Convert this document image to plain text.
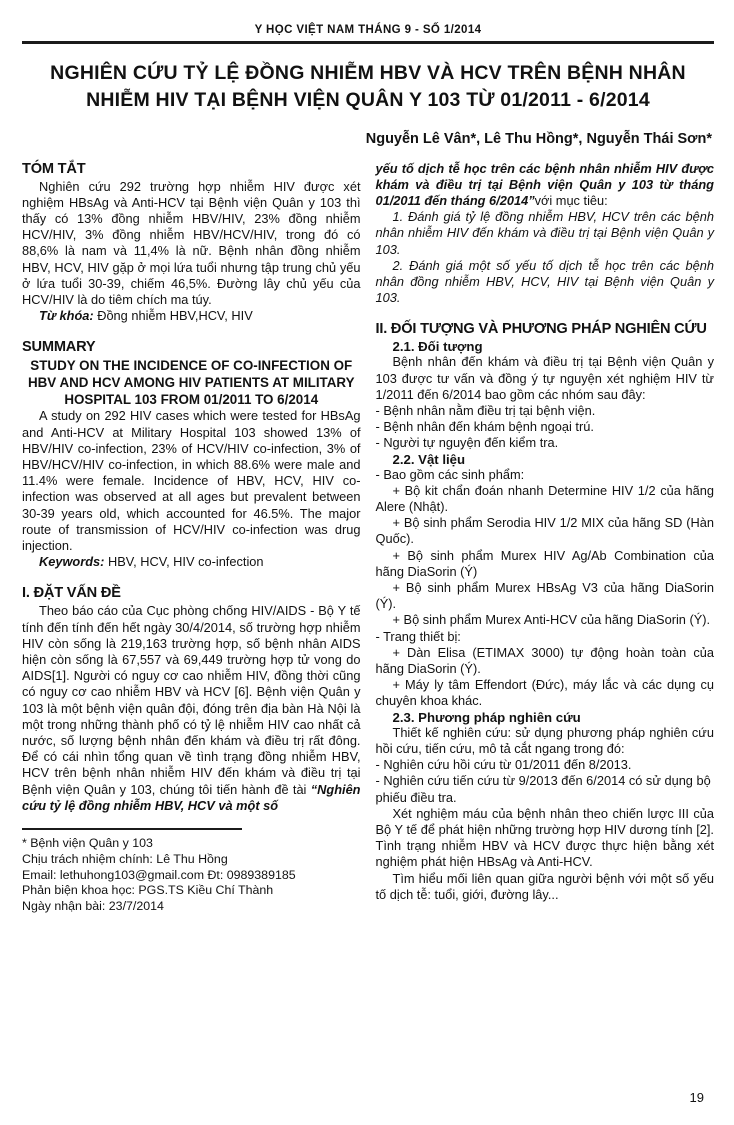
Y HỌC VIỆT NAM THÁNG 9 - SỐ 1/2014
NGHIÊN CỨU TỶ LỆ ĐỒNG NHIỄM HBV VÀ HCV TRÊN BỆNH NHÂN NHIỄM HIV TẠI BỆNH VIỆN QUÂN Y 103 TỪ 01/2011 - 6/2014
Nguyễn Lê Vân*, Lê Thu Hồng*, Nguyễn Thái Sơn*
TÓM TẮT

Nghiên cứu 292 trường hợp nhiễm HIV được xét nghiệm HBsAg và Anti-HCV tại Bệnh viện Quân y 103 thì thấy có 13% đồng nhiễm HBV/HIV, 23% đồng nhiễm HCV/HIV, 3% đồng nhiễm HBV/HCV/HIV, trong đó có 88,6% là nam và 11,4% là nữ. Bệnh nhân đồng nhiễm HBV, HCV, HIV gặp ở mọi lứa tuổi nhưng tập trung chủ yếu ở lứa tuổi 30-39, chiếm 46,5%. Đường lây chủ yếu của HCV/HIV là do tiêm chích ma túy.

Từ khóa: Đồng nhiễm HBV,HCV, HIV

SUMMARY

STUDY ON THE INCIDENCE OF CO-INFECTION OF HBV AND HCV AMONG HIV PATIENTS AT MILITARY HOSPITAL 103 FROM 01/2011 TO 6/2014

A study on 292 HIV cases which were tested for HBsAg and Anti-HCV at Military Hospital 103 showed 13% of HBV/HIV co-infection, 23% of HCV/HIV co-infection, 3% of HBV/HCV/HIV co-infection, in which 88.6% were male and 11.4% were female. Incidence of HBV, HCV, HIV co-infection was observed at all ages but prevalent between 30-39 years old, which accounted for 46.5%. The major route of transmission of HCV/HIV co-infection was drug injection.

Keywords: HBV, HCV, HIV co-infection

I. ĐẶT VẤN ĐỀ

Theo báo cáo của Cục phòng chống HIV/AIDS - Bộ Y tế tính đến tính đến hết ngày 30/4/2014, số trường hợp nhiễm HIV còn sống là 219,163 trường hợp, số bệnh nhân AIDS hiện còn sống là 67,557 và 69,449 trường hợp tử vong do AIDS[1]. Người có nguy cơ cao nhiễm HIV, đồng thời cũng có nguy cơ cao nhiễm HBV và HCV [6]. Bệnh viện Quân y 103 là một bệnh viện quân đội, đóng trên địa bàn Hà Nội là một trong những thành phố có tỷ lệ nhiễm HIV cao nhất cả nước, số lượng bệnh nhân đến khám và điều trị rất đông. Để có cái nhìn tổng quan về tình trạng đồng nhiễm HBV, HCV trên bệnh nhân nhiễm HIV đến khám và điều trị tại Bệnh viện Quân y 103, chúng tôi tiến hành đề tài “Nghiên cứu tỷ lệ đồng nhiễm HBV, HCV và một số

* Bệnh viện Quân y 103

Chịu trách nhiệm chính: Lê Thu Hồng

Email: lethuhong103@gmail.com Đt: 0989389185

Phản biện khoa học: PGS.TS Kiều Chí Thành

Ngày nhận bài: 23/7/2014

yếu tố dịch tễ học trên các bệnh nhân nhiễm HIV được khám và điều trị tại Bệnh viện Quân y 103 từ tháng 01/2011 đến tháng 6/2014”với mục tiêu:

1. Đánh giá tỷ lệ đồng nhiễm HBV, HCV trên các bệnh nhân nhiễm HIV đến khám và điều trị tại Bệnh viện Quân y 103.

2. Đánh giá một số yếu tố dịch tễ học trên các bệnh nhân đồng nhiễm HBV, HCV, HIV tại Bệnh viện Quân y 103.

II. ĐỐI TƯỢNG VÀ PHƯƠNG PHÁP NGHIÊN CỨU
2.1. Đối tượng

Bệnh nhân đến khám và điều trị tại Bệnh viện Quân y 103 được tư vấn và đồng ý tự nguyện xét nghiệm HIV từ 1/2011 đến 6/2014 bao gồm các nhóm sau đây:

- Bệnh nhân nằm điều trị tại bệnh viện.

- Bệnh nhân đến khám bệnh ngoại trú.

- Người tự nguyện đến kiểm tra.

2.2. Vật liệu

- Bao gồm các sinh phẩm:

+ Bộ kit chẩn đoán nhanh Determine HIV 1/2 của hãng Alere (Nhật).

+ Bộ sinh phẩm Serodia HIV 1/2 MIX của hãng SD (Hàn Quốc).

+ Bộ sinh phẩm Murex HIV Ag/Ab Combination của hãng DiaSorin (Ý)

+ Bộ sinh phẩm Murex HBsAg V3 của hãng DiaSorin (Ý).

+ Bộ sinh phẩm Murex Anti-HCV của hãng DiaSorin (Ý).

- Trang thiết bị:

+ Dàn Elisa (ETIMAX 3000) tự động hoàn toàn của hãng DiaSorin (Ý).

+ Máy ly tâm Effendort (Đức), máy lắc và các dụng cụ chuyên khoa khác.

2.3. Phương pháp nghiên cứu

Thiết kế nghiên cứu: sử dụng phương pháp nghiên cứu hồi cứu, tiến cứu, mô tả cắt ngang trong đó:

- Nghiên cứu hồi cứu từ 01/2011 đến 8/2013.

- Nghiên cứu tiến cứu từ 9/2013 đến 6/2014 có sử dụng bộ phiếu điều tra.

Xét nghiệm máu của bệnh nhân theo chiến lược III của Bộ Y tế để phát hiện những trường hợp HIV dương tính [2]. Tình trạng nhiễm HBV và HCV được thực hiện bằng xét nghiệm phát hiện HBsAg và Anti-HCV.

Tìm hiểu mối liên quan giữa người bệnh với một số yếu tố dịch tễ: tuổi, giới, đường lây...

19
